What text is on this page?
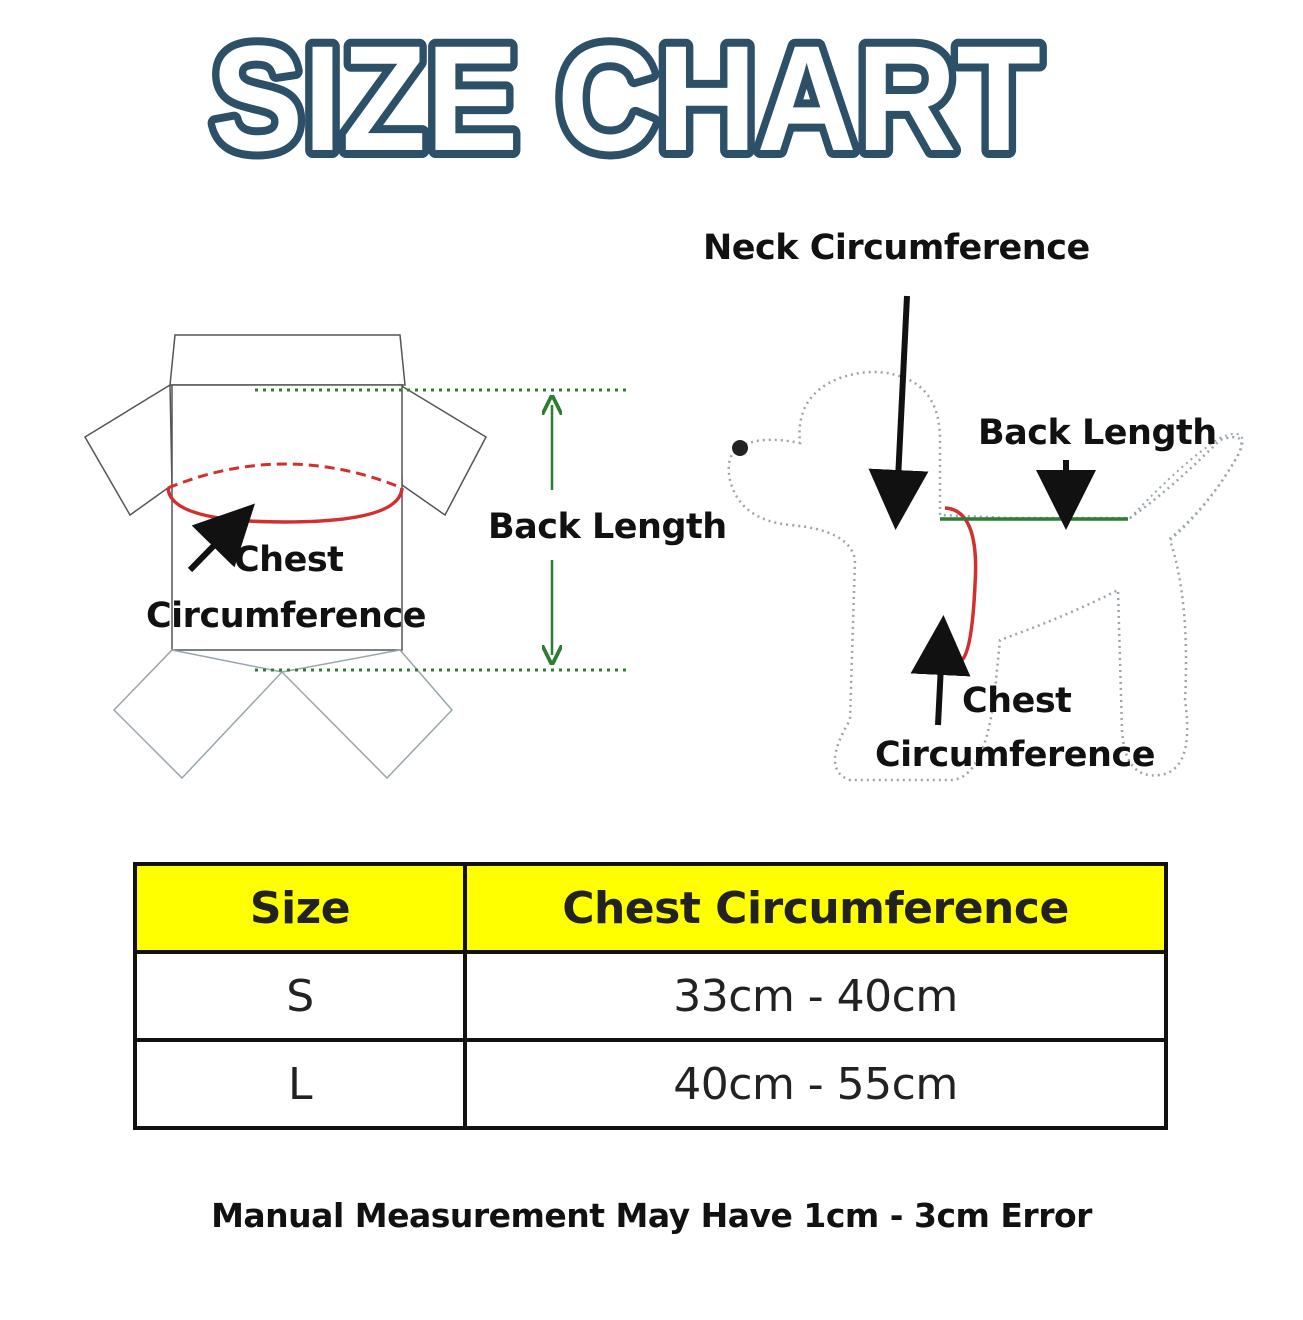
SIZE CHART
Chest
Circumference
Back Length
Neck Circumference
Back Length
Chest
Circumference
Size	Chest Circumference
S	33cm - 40cm
L	40cm - 55cm
Manual Measurement May Have 1cm - 3cm Error
